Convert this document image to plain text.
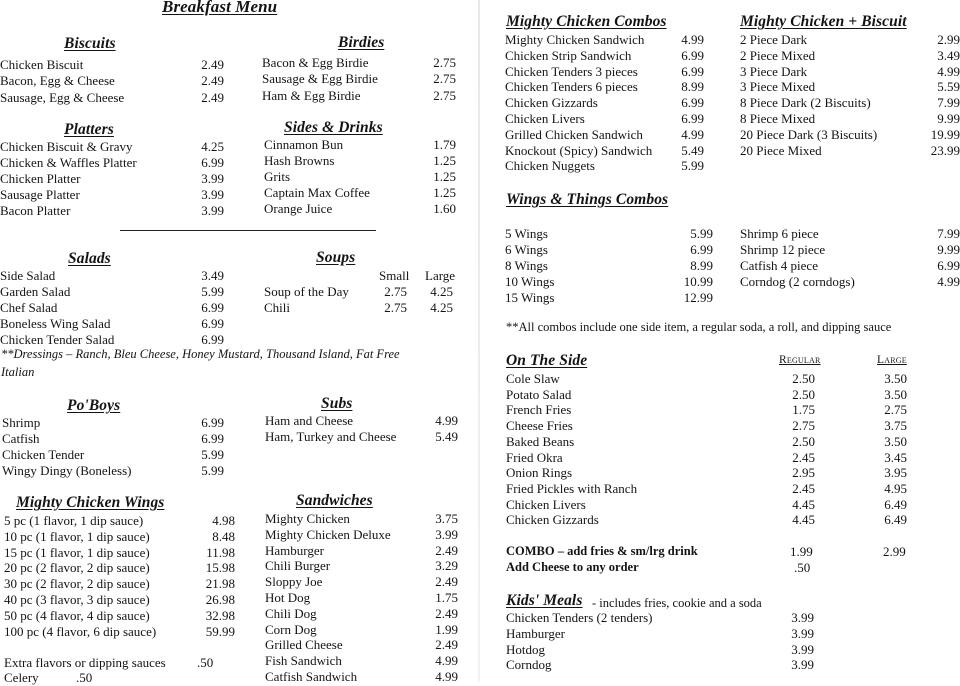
Breakfast Menu
Biscuits	Birdies
Platters	Sides & Drinks
Salads	Soups
Po'Boys	Subs
Mighty Chicken Wings	Sandwiches
Mighty Chicken Combos	Mighty Chicken + Biscuit
Wings & Things Combos
On The Side
Kids' Meals - includes fries, cookie and a soda
Small Large
Regular	Large
**Dressings – Ranch, Bleu Cheese, Honey Mustard, Thousand Island, Fat Free
Italian
**All combos include one side item, a regular soda, a roll, and dipping sauce
Extra flavors or dipping sauces .50
Celery	.50
COMBO – add fries & sm/lrg drink	1.99	2.99
Add Cheese to any order	.50
Chicken Biscuit	2.49
Bacon, Egg & Cheese	2.49
Sausage, Egg & Cheese	2.49
Bacon & Egg Birdie	2.75
Sausage & Egg Birdie	2.75
Ham & Egg Birdie	2.75
Chicken Biscuit & Gravy	4.25
Chicken & Waffles Platter	6.99
Chicken Platter	3.99
Sausage Platter	3.99
Bacon Platter	3.99
Cinnamon Bun	1.79
Hash Browns	1.25
Grits	1.25
Captain Max Coffee	1.25
Orange Juice	1.60
Side Salad	3.49
Garden Salad	5.99
Chef Salad	6.99
Boneless Wing Salad	6.99
Chicken Tender Salad	6.99
Soup of the Day	2.75	4.25
Chili	2.75	4.25
Shrimp	6.99
Catfish	6.99
Chicken Tender	5.99
Wingy Dingy (Boneless)	5.99
Ham and Cheese	4.99
Ham, Turkey and Cheese	5.49
5 pc (1 flavor, 1 dip sauce)	4.98
10 pc (1 flavor, 1 dip sauce)	8.48
15 pc (1 flavor, 1 dip sauce)	11.98
20 pc (2 flavor, 2 dip sauce)	15.98
30 pc (2 flavor, 2 dip sauce)	21.98
40 pc (3 flavor, 3 dip sauce)	26.98
50 pc (4 flavor, 4 dip sauce)	32.98
100 pc (4 flavor, 6 dip sauce)	59.99
Mighty Chicken	3.75
Mighty Chicken Deluxe	3.99
Hamburger	2.49
Chili Burger	3.29
Sloppy Joe	2.49
Hot Dog	1.75
Chili Dog	2.49
Corn Dog	1.99
Grilled Cheese	2.49
Fish Sandwich	4.99
Catfish Sandwich	4.99
Mighty Chicken Sandwich	4.99
Chicken Strip Sandwich	6.99
Chicken Tenders 3 pieces	6.99
Chicken Tenders 6 pieces	8.99
Chicken Gizzards	6.99
Chicken Livers	6.99
Grilled Chicken Sandwich	4.99
Knockout (Spicy) Sandwich	5.49
Chicken Nuggets	5.99
2 Piece Dark	2.99
2 Piece Mixed	3.49
3 Piece Dark	4.99
3 Piece Mixed	5.59
8 Piece Dark (2 Biscuits)	7.99
8 Piece Mixed	9.99
20 Piece Dark (3 Biscuits)	19.99
20 Piece Mixed	23.99
5 Wings	5.99
6 Wings	6.99
8 Wings	8.99
10 Wings	10.99
15 Wings	12.99
Shrimp 6 piece	7.99
Shrimp 12 piece	9.99
Catfish 4 piece	6.99
Corndog (2 corndogs)	4.99
Cole Slaw	2.50	3.50
Potato Salad	2.50	3.50
French Fries	1.75	2.75
Cheese Fries	2.75	3.75
Baked Beans	2.50	3.50
Fried Okra	2.45	3.45
Onion Rings	2.95	3.95
Fried Pickles with Ranch	2.45	4.95
Chicken Livers	4.45	6.49
Chicken Gizzards	4.45	6.49
Chicken Tenders (2 tenders)	3.99
Hamburger	3.99
Hotdog	3.99
Corndog	3.99
